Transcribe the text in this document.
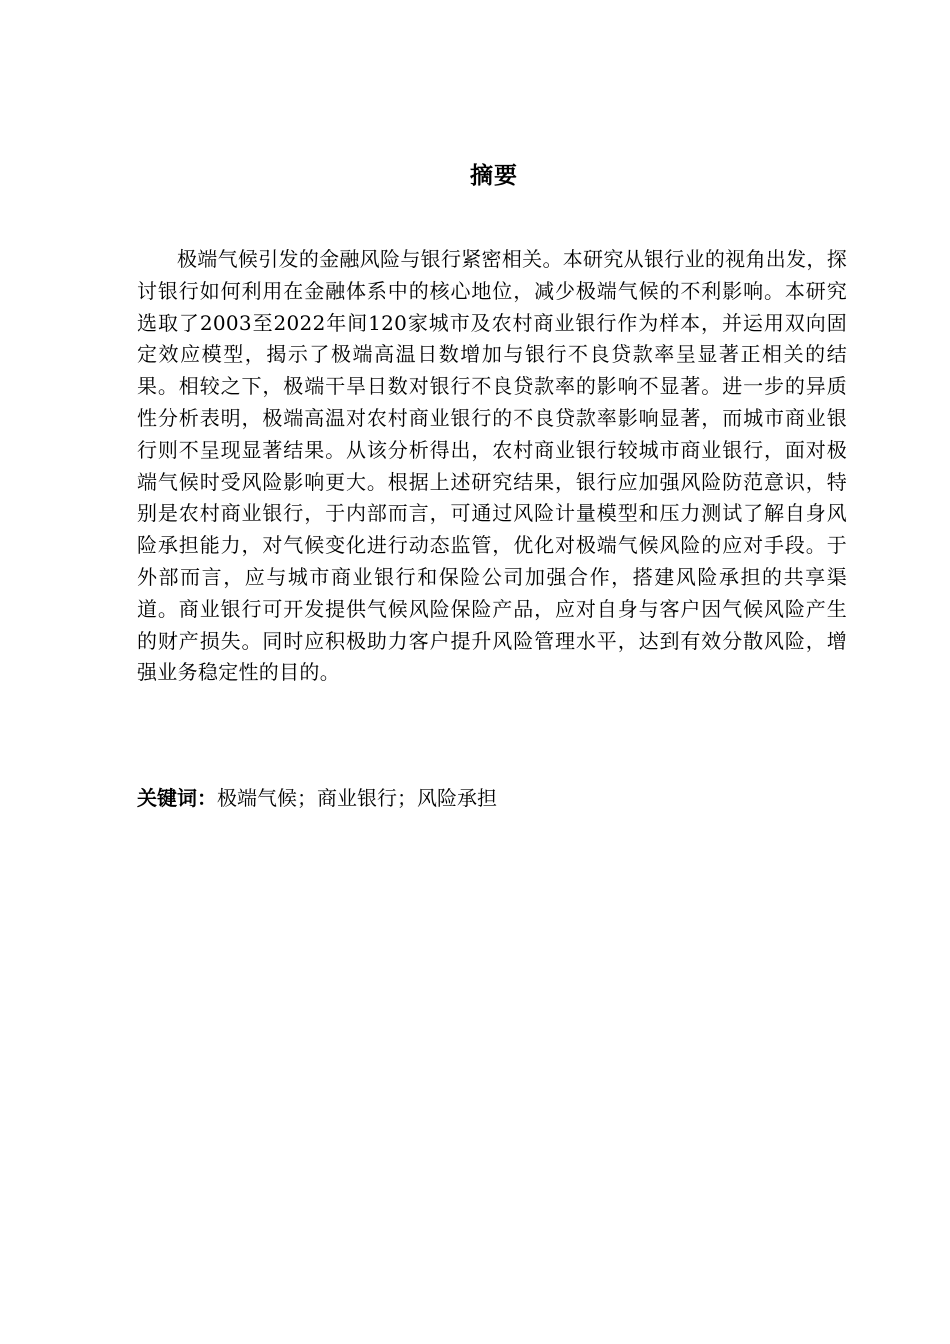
摘要

极端气候引发的金融风险与银行紧密相关。本研究从银行业的视角出发，探讨银行如何利用在金融体系中的核心地位，减少极端气候的不利影响。本研究选取了2003至2022年间120家城市及农村商业银行作为样本，并运用双向固定效应模型，揭示了极端高温日数增加与银行不良贷款率呈显著正相关的结果。相较之下，极端干旱日数对银行不良贷款率的影响不显著。进一步的异质性分析表明，极端高温对农村商业银行的不良贷款率影响显著，而城市商业银行则不呈现显著结果。从该分析得出，农村商业银行较城市商业银行，面对极端气候时受风险影响更大。根据上述研究结果，银行应加强风险防范意识，特别是农村商业银行，于内部而言，可通过风险计量模型和压力测试了解自身风险承担能力，对气候变化进行动态监管，优化对极端气候风险的应对手段。于外部而言，应与城市商业银行和保险公司加强合作，搭建风险承担的共享渠道。商业银行可开发提供气候风险保险产品，应对自身与客户因气候风险产生的财产损失。同时应积极助力客户提升风险管理水平，达到有效分散风险，增强业务稳定性的目的。

关键词：极端气候；商业银行；风险承担
